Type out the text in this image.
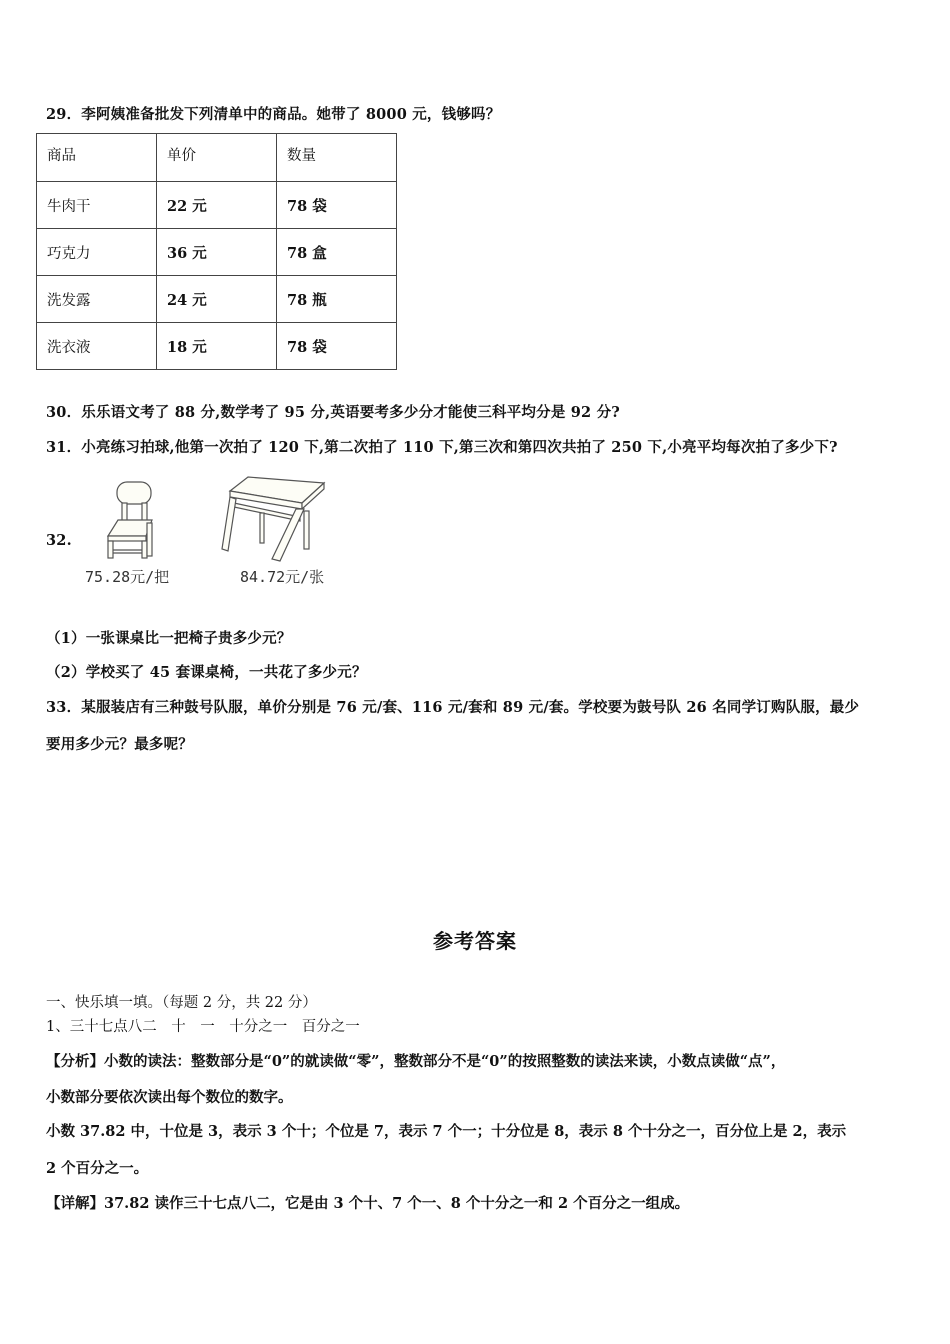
29．李阿姨准备批发下列清单中的商品。她带了 8000 元，钱够吗？
商品	单价	数量
牛肉干	22 元	78 袋
巧克力	36 元	78 盒
洗发露	24 元	78 瓶
洗衣液	18 元	78 袋
30．乐乐语文考了 88 分,数学考了 95 分,英语要考多少分才能使三科平均分是 92 分?
31．小亮练习拍球,他第一次拍了 120 下,第二次拍了 110 下,第三次和第四次共拍了 250 下,小亮平均每次拍了多少下?
32.
75.28元/把	84.72元/张
（1）一张课桌比一把椅子贵多少元？
（2）学校买了 45 套课桌椅，一共花了多少元？
33．某服装店有三种鼓号队服，单价分别是 76 元/套、116 元/套和 89 元/套。学校要为鼓号队 26 名同学订购队服，最少
要用多少元？最多呢？
参考答案
一、快乐填一填。（每题 2 分，共 22 分）
1、三十七点八二　十　一　十分之一　百分之一
【分析】小数的读法：整数部分是“0”的就读做“零”，整数部分不是“0”的按照整数的读法来读，小数点读做“点”，
小数部分要依次读出每个数位的数字。
小数 37.82 中，十位是 3，表示 3 个十；个位是 7，表示 7 个一；十分位是 8，表示 8 个十分之一，百分位上是 2，表示
2 个百分之一。
【详解】37.82 读作三十七点八二，它是由 3 个十、7 个一、8 个十分之一和 2 个百分之一组成。
